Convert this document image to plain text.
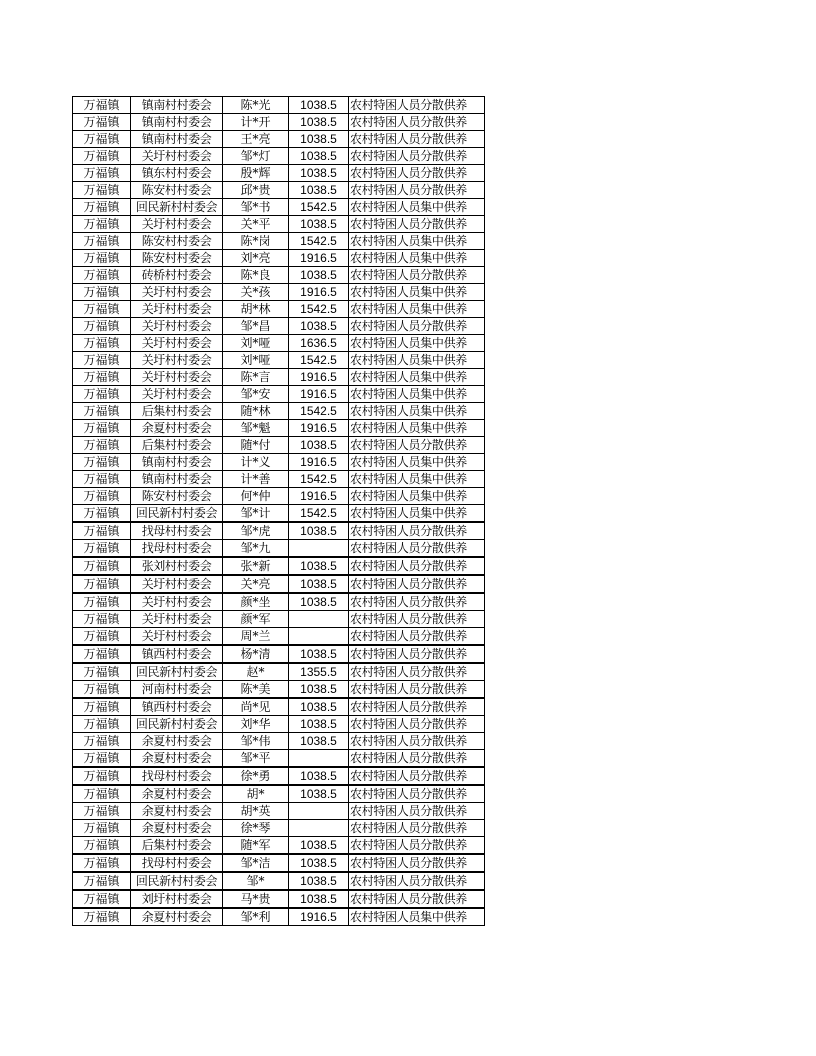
万福镇	镇南村村委会	陈*光	1038.5	农村特困人员分散供养
万福镇	镇南村村委会	计*开	1038.5	农村特困人员分散供养
万福镇	镇南村村委会	王*亮	1038.5	农村特困人员分散供养
万福镇	关圩村村委会	邹*灯	1038.5	农村特困人员分散供养
万福镇	镇东村村委会	殷*辉	1038.5	农村特困人员分散供养
万福镇	陈安村村委会	邱*贵	1038.5	农村特困人员分散供养
万福镇	回民新村村委会	邹*书	1542.5	农村特困人员集中供养
万福镇	关圩村村委会	关*平	1038.5	农村特困人员分散供养
万福镇	陈安村村委会	陈*岗	1542.5	农村特困人员集中供养
万福镇	陈安村村委会	刘*亮	1916.5	农村特困人员集中供养
万福镇	砖桥村村委会	陈*良	1038.5	农村特困人员分散供养
万福镇	关圩村村委会	关*孩	1916.5	农村特困人员集中供养
万福镇	关圩村村委会	胡*林	1542.5	农村特困人员集中供养
万福镇	关圩村村委会	邹*昌	1038.5	农村特困人员分散供养
万福镇	关圩村村委会	刘*哑	1636.5	农村特困人员集中供养
万福镇	关圩村村委会	刘*哑	1542.5	农村特困人员集中供养
万福镇	关圩村村委会	陈*言	1916.5	农村特困人员集中供养
万福镇	关圩村村委会	邹*安	1916.5	农村特困人员集中供养
万福镇	后集村村委会	随*林	1542.5	农村特困人员集中供养
万福镇	余夏村村委会	邹*魁	1916.5	农村特困人员集中供养
万福镇	后集村村委会	随*付	1038.5	农村特困人员分散供养
万福镇	镇南村村委会	计*义	1916.5	农村特困人员集中供养
万福镇	镇南村村委会	计*善	1542.5	农村特困人员集中供养
万福镇	陈安村村委会	何*仲	1916.5	农村特困人员集中供养
万福镇	回民新村村委会	邹*计	1542.5	农村特困人员集中供养
万福镇	找母村村委会	邹*虎	1038.5	农村特困人员分散供养
万福镇	找母村村委会	邹*九		农村特困人员分散供养
万福镇	张刘村村委会	张*新	1038.5	农村特困人员分散供养
万福镇	关圩村村委会	关*亮	1038.5	农村特困人员分散供养
万福镇	关圩村村委会	颜*坐	1038.5	农村特困人员分散供养
万福镇	关圩村村委会	颜*军		农村特困人员分散供养
万福镇	关圩村村委会	周*兰		农村特困人员分散供养
万福镇	镇西村村委会	杨*清	1038.5	农村特困人员分散供养
万福镇	回民新村村委会	赵*	1355.5	农村特困人员分散供养
万福镇	河南村村委会	陈*美	1038.5	农村特困人员分散供养
万福镇	镇西村村委会	尚*见	1038.5	农村特困人员分散供养
万福镇	回民新村村委会	刘*华	1038.5	农村特困人员分散供养
万福镇	余夏村村委会	邹*伟	1038.5	农村特困人员分散供养
万福镇	余夏村村委会	邹*平		农村特困人员分散供养
万福镇	找母村村委会	徐*勇	1038.5	农村特困人员分散供养
万福镇	余夏村村委会	胡*	1038.5	农村特困人员分散供养
万福镇	余夏村村委会	胡*英		农村特困人员分散供养
万福镇	余夏村村委会	徐*琴		农村特困人员分散供养
万福镇	后集村村委会	随*军	1038.5	农村特困人员分散供养
万福镇	找母村村委会	邹*洁	1038.5	农村特困人员分散供养
万福镇	回民新村村委会	邹*	1038.5	农村特困人员分散供养
万福镇	刘圩村村委会	马*贵	1038.5	农村特困人员分散供养
万福镇	余夏村村委会	邹*利	1916.5	农村特困人员集中供养
